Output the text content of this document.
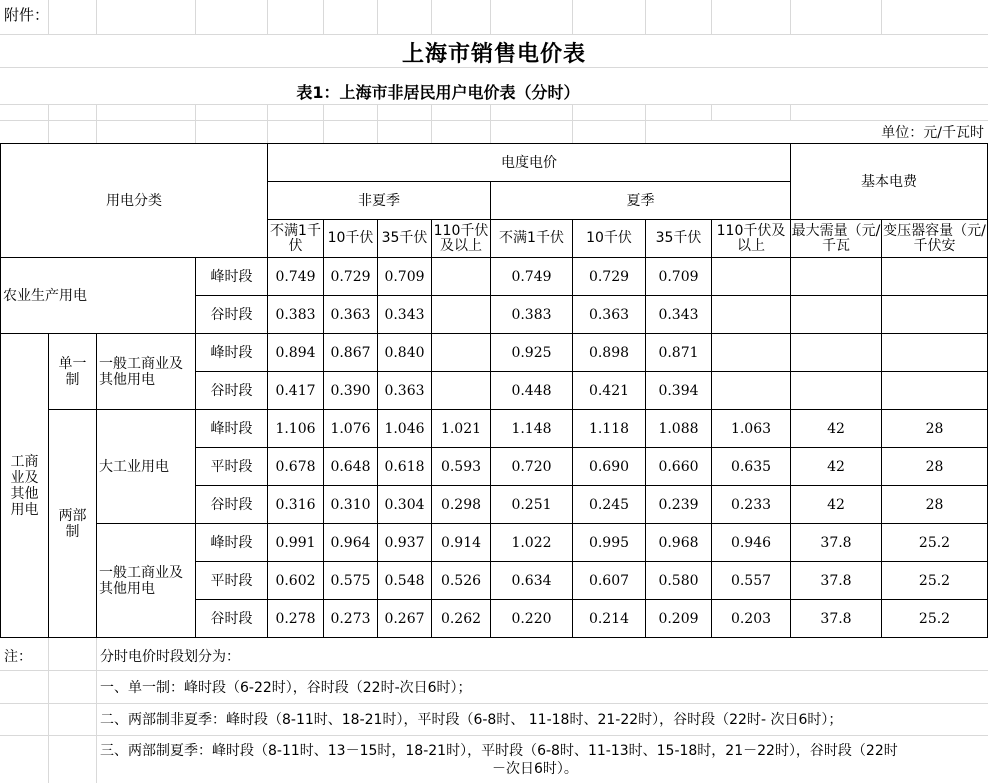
附件：
上海市销售电价表
表1：上海市非居民用户电价表（分时）
单位：元/千瓦时
用电分类				电度电价								基本电费	
				非夏季				夏季					
				不满1千伏	10千伏	35千伏	110千伏及以上	不满1千伏	10千伏	35千伏	110千伏及以上	最大需量（元/千瓦	变压器容量（元/千伏安
农业生产用电			峰时段	0.749	0.729	0.709		0.749	0.729	0.709			
			谷时段	0.383	0.363	0.343		0.383	0.363	0.343			
工商业及其他用电	单一制	一般工商业及其他用电	峰时段	0.894	0.867	0.840		0.925	0.898	0.871			
			谷时段	0.417	0.390	0.363		0.448	0.421	0.394			
	两部制	大工业用电	峰时段	1.106	1.076	1.046	1.021	1.148	1.118	1.088	1.063	42	28
			平时段	0.678	0.648	0.618	0.593	0.720	0.690	0.660	0.635	42	28
			谷时段	0.316	0.310	0.304	0.298	0.251	0.245	0.239	0.233	42	28
		一般工商业及其他用电	峰时段	0.991	0.964	0.937	0.914	1.022	0.995	0.968	0.946	37.8	25.2
			平时段	0.602	0.575	0.548	0.526	0.634	0.607	0.580	0.557	37.8	25.2
			谷时段	0.278	0.273	0.267	0.262	0.220	0.214	0.209	0.203	37.8	25.2
注：	分时电价时段划分为：
一、单一制：峰时段（6-22时），谷时段（22时-次日6时）；
二、两部制非夏季：峰时段（8-11时、18-21时），平时段（6-8时、 11-18时、21-22时），谷时段（22时- 次日6时）；
三、两部制夏季：峰时段（8-11时、13－15时，18-21时），平时段（6-8时、11-13时、15-18时，21－22时），谷时段（22时
－次日6时）。
